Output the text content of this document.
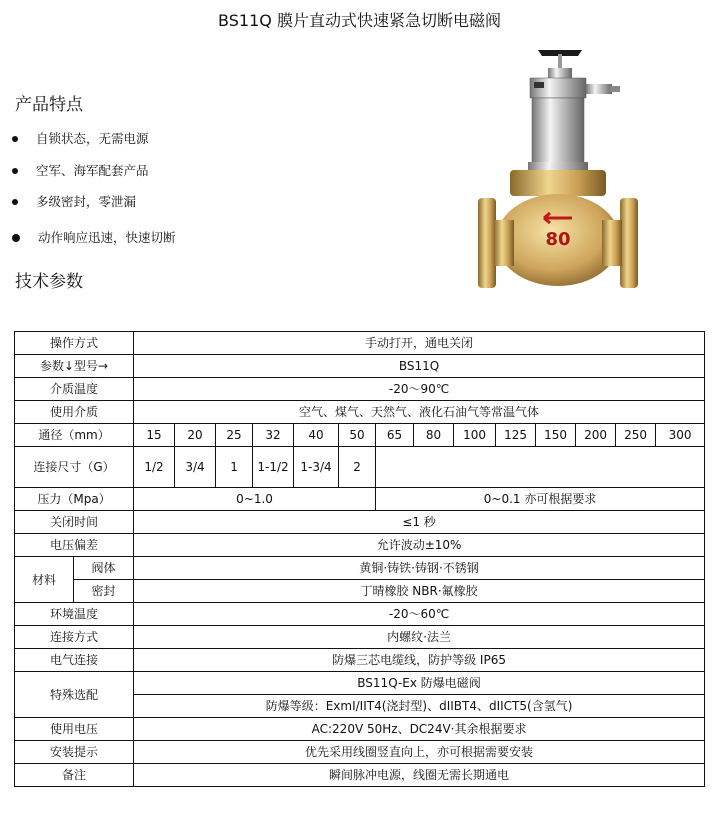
BS11Q 膜片直动式快速紧急切断电磁阀
产品特点
自锁状态，无需电源
空军、海军配套产品
多级密封，零泄漏
动作响应迅速，快速切断
技术参数
80
操作方式		手动打开，通电关闭													
参数↓型号→		BS11Q													
介质温度		-20～90℃													
使用介质		空气、煤气、天然气、液化石油气等常温气体													
通径（mm）		15	20	25	32	40	50	65	80	100	125	150	200	250	300
连接尺寸（G）		1/2	3/4	1	1-1/2	1-3/4	2								
压力（Mpa）		0~1.0						0~0.1 亦可根据要求							
关闭时间		≤1 秒													
电压偏差		允许波动±10%													
材料	阀体	黄铜·铸铁·铸钢·不锈钢													
	密封	丁晴橡胶 NBR·氟橡胶													
环境温度		-20～60℃													
连接方式		内螺纹·法兰													
电气连接		防爆三芯电缆线，防护等级 IP65													
特殊选配		BS11Q-Ex 防爆电磁阀													
		防爆等级：ExmI/IIT4(浇封型)、dIIBT4、dIICT5(含氢气)													
使用电压		AC:220V 50Hz、DC24V·其余根据要求													
安装提示		优先采用线圈竖直向上，亦可根据需要安装													
备注		瞬间脉冲电源，线圈无需长期通电													
